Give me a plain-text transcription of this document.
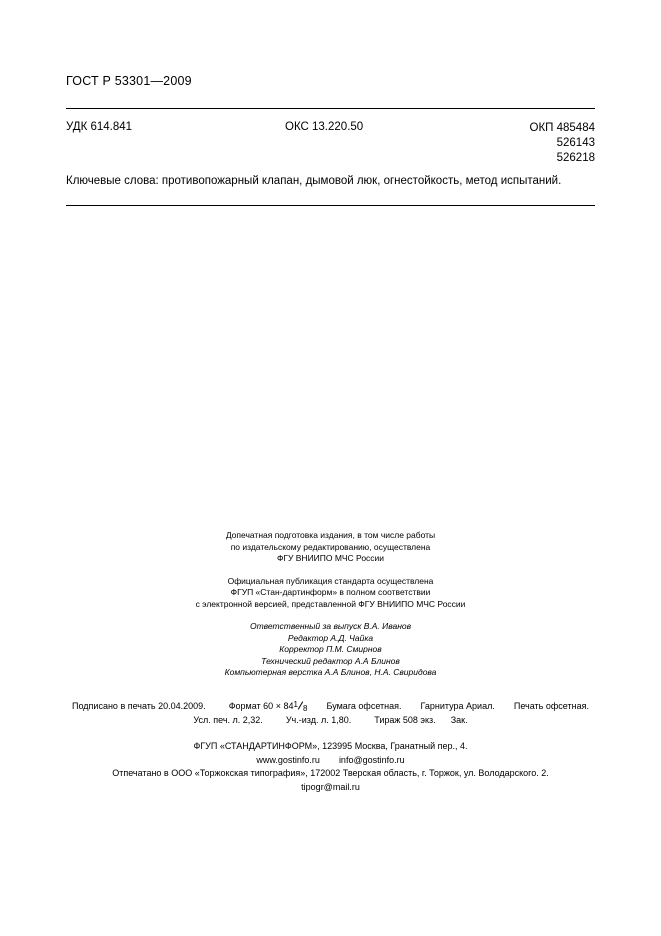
ГОСТ Р 53301—2009
УДК 614.841	ОКС 13.220.50	ОКП 485484
526143
526218
Ключевые слова: противопожарный клапан, дымовой люк, огнестойкость, метод испытаний.
Допечатная подготовка издания, в том числе работы
по издательскому редактированию, осуществлена
ФГУ ВНИИПО МЧС России
Официальная публикация стандарта осуществлена
ФГУП «Стан-дартинформ» в полном соответствии
с электронной версией, представленной ФГУ ВНИИПО МЧС России
Ответственный за выпуск В.А. Иванов
Редактор А.Д. Чайка
Корректор П.М. Смирнов
Технический редактор А.А Блинов
Компьютерная верстка А.А Блинов, Н.А. Свиридова
Подписано в печать 20.04.2009.	Формат 60 × 84 1 8 Бумага офсетная. Гарнитура Ариал. Печать офсетная.
Усл. печ. л. 2,32.	Уч.-изд. л. 1,80.	Тираж 508 экз. Зак.
ФГУП «СТАНДАРТИНФОРМ», 123995 Москва, Гранатный пер., 4.
www.gostinfo.ru info@gostinfo.ru
Отпечатано в ООО «Торжокская типография», 172002 Тверская область, г. Торжок, ул. Володарского. 2.
tipogr@mail.ru
